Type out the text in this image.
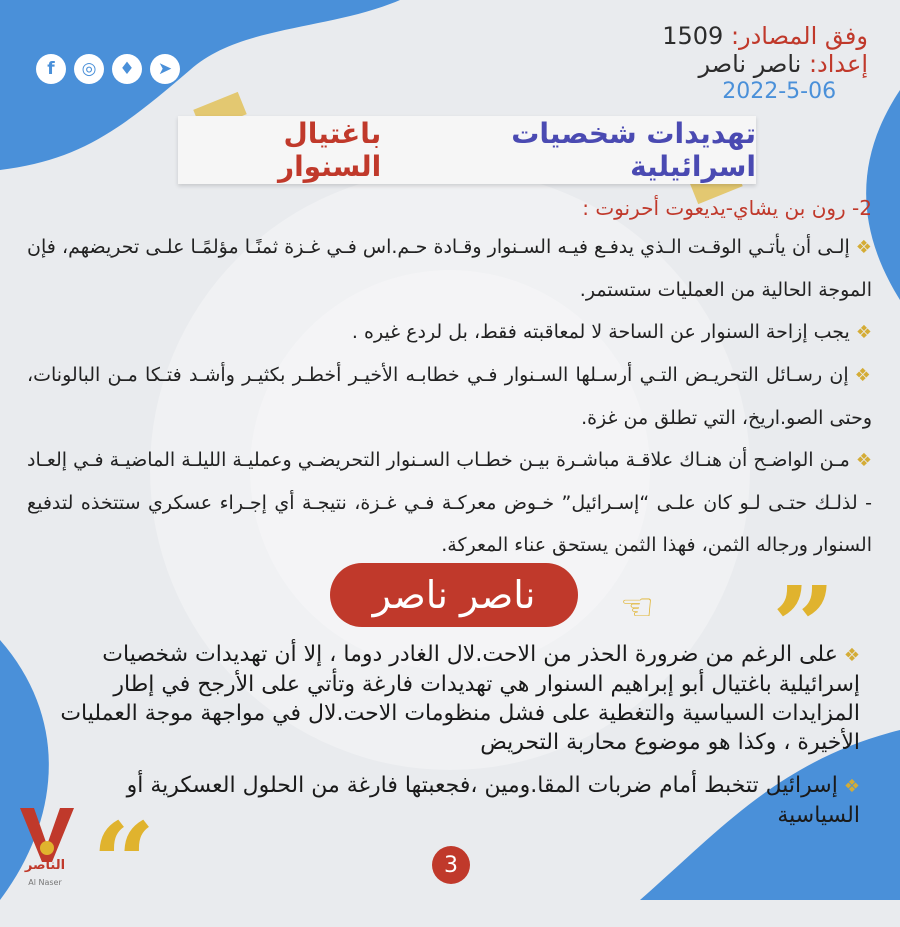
وفق المصادر: 1509
إعداد: ناصر ناصر
2022-5-06
f	◎	♦	➤
تهديدات شخصيات اسرائيلية
باغتيال السنوار
2- رون بن يشاي-يديعوت أحرنوت :

❖إلـى أن يأتـي الوقـت الـذي يدفـع فيـه السـنوار وقـادة حـم.اس فـي غـزة ثمنًـا مؤلمًـا علـى تحريضهم، فإن الموجة الحالية من العمليات ستستمر.

❖يجب إزاحة السنوار عن الساحة لا لمعاقبته فقط، بل لردع غيره .

❖إن رسـائل التحريـض التـي أرسـلها السـنوار فـي خطابـه الأخيـر أخطـر بكثيـر وأشـد فتـكا مـن البالونات، وحتى الصو.اريخ، التي تطلق من غزة.

❖مـن الواضـح أن هنـاك علاقـة مباشـرة بيـن خطـاب السـنوار التحريضـي وعمليـة الليلـة الماضيـة فـي إلعـاد - لذلـك حتـى لـو كان علـى “إسـرائيل” خـوض معركـة فـي غـزة، نتيجـة أي إجـراء عسكري ستتخذه لتدفيع السنوار ورجاله الثمن، فهذا الثمن يستحق عناء المعركة.

”
☜
ناصر ناصر

❖على الرغم من ضرورة الحذر من الاحت.لال الغادر دوما ، إلا أن تهديدات شخصيات إسرائيلية باغتيال أبو إبراهيم السنوار هي تهديدات فارغة وتأتي على الأرجح في إطار المزايدات السياسية والتغطية على فشل منظومات الاحت.لال في مواجهة موجة العمليات الأخيرة ، وكذا هو موضوع محاربة التحريض

❖إسرائيل تتخبط أمام ضربات المقا.ومين ،فجعبتها فارغة من الحلول العسكرية أو السياسية

“	3
الناصر
Al Naser
